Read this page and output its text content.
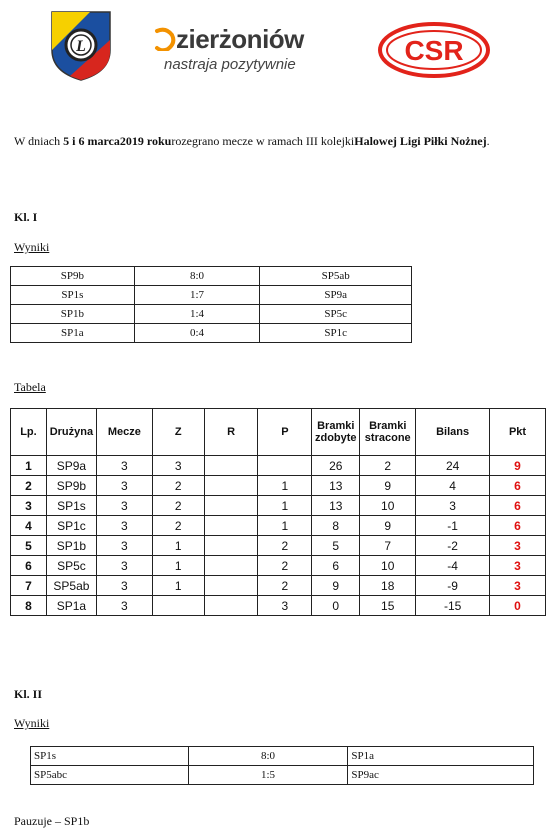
L	zierżoniów
nastraja pozytywnie	CSR
W dniach 5 i 6 marca2019 rokurozegrano mecze w ramach III kolejkiHalowej Ligi Piłki Nożnej.
Kl. I
Wyniki
SP9b	8:0	SP5ab
SP1s	1:7	SP9a
SP1b	1:4	SP5c
SP1a	0:4	SP1c
Tabela
Lp.	Drużyna	Mecze	Z	R	P	Bramki zdobyte	Bramki stracone	Bilans	Pkt
1	SP9a	3	3			26	2	24	9
2	SP9b	3	2		1	13	9	4	6
3	SP1s	3	2		1	13	10	3	6
4	SP1c	3	2		1	8	9	-1	6
5	SP1b	3	1		2	5	7	-2	3
6	SP5c	3	1		2	6	10	-4	3
7	SP5ab	3	1		2	9	18	-9	3
8	SP1a	3			3	0	15	-15	0
Kl. II
Wyniki
SP1s	8:0	SP1a
SP5abc	1:5	SP9ac
Pauzuje – SP1b
